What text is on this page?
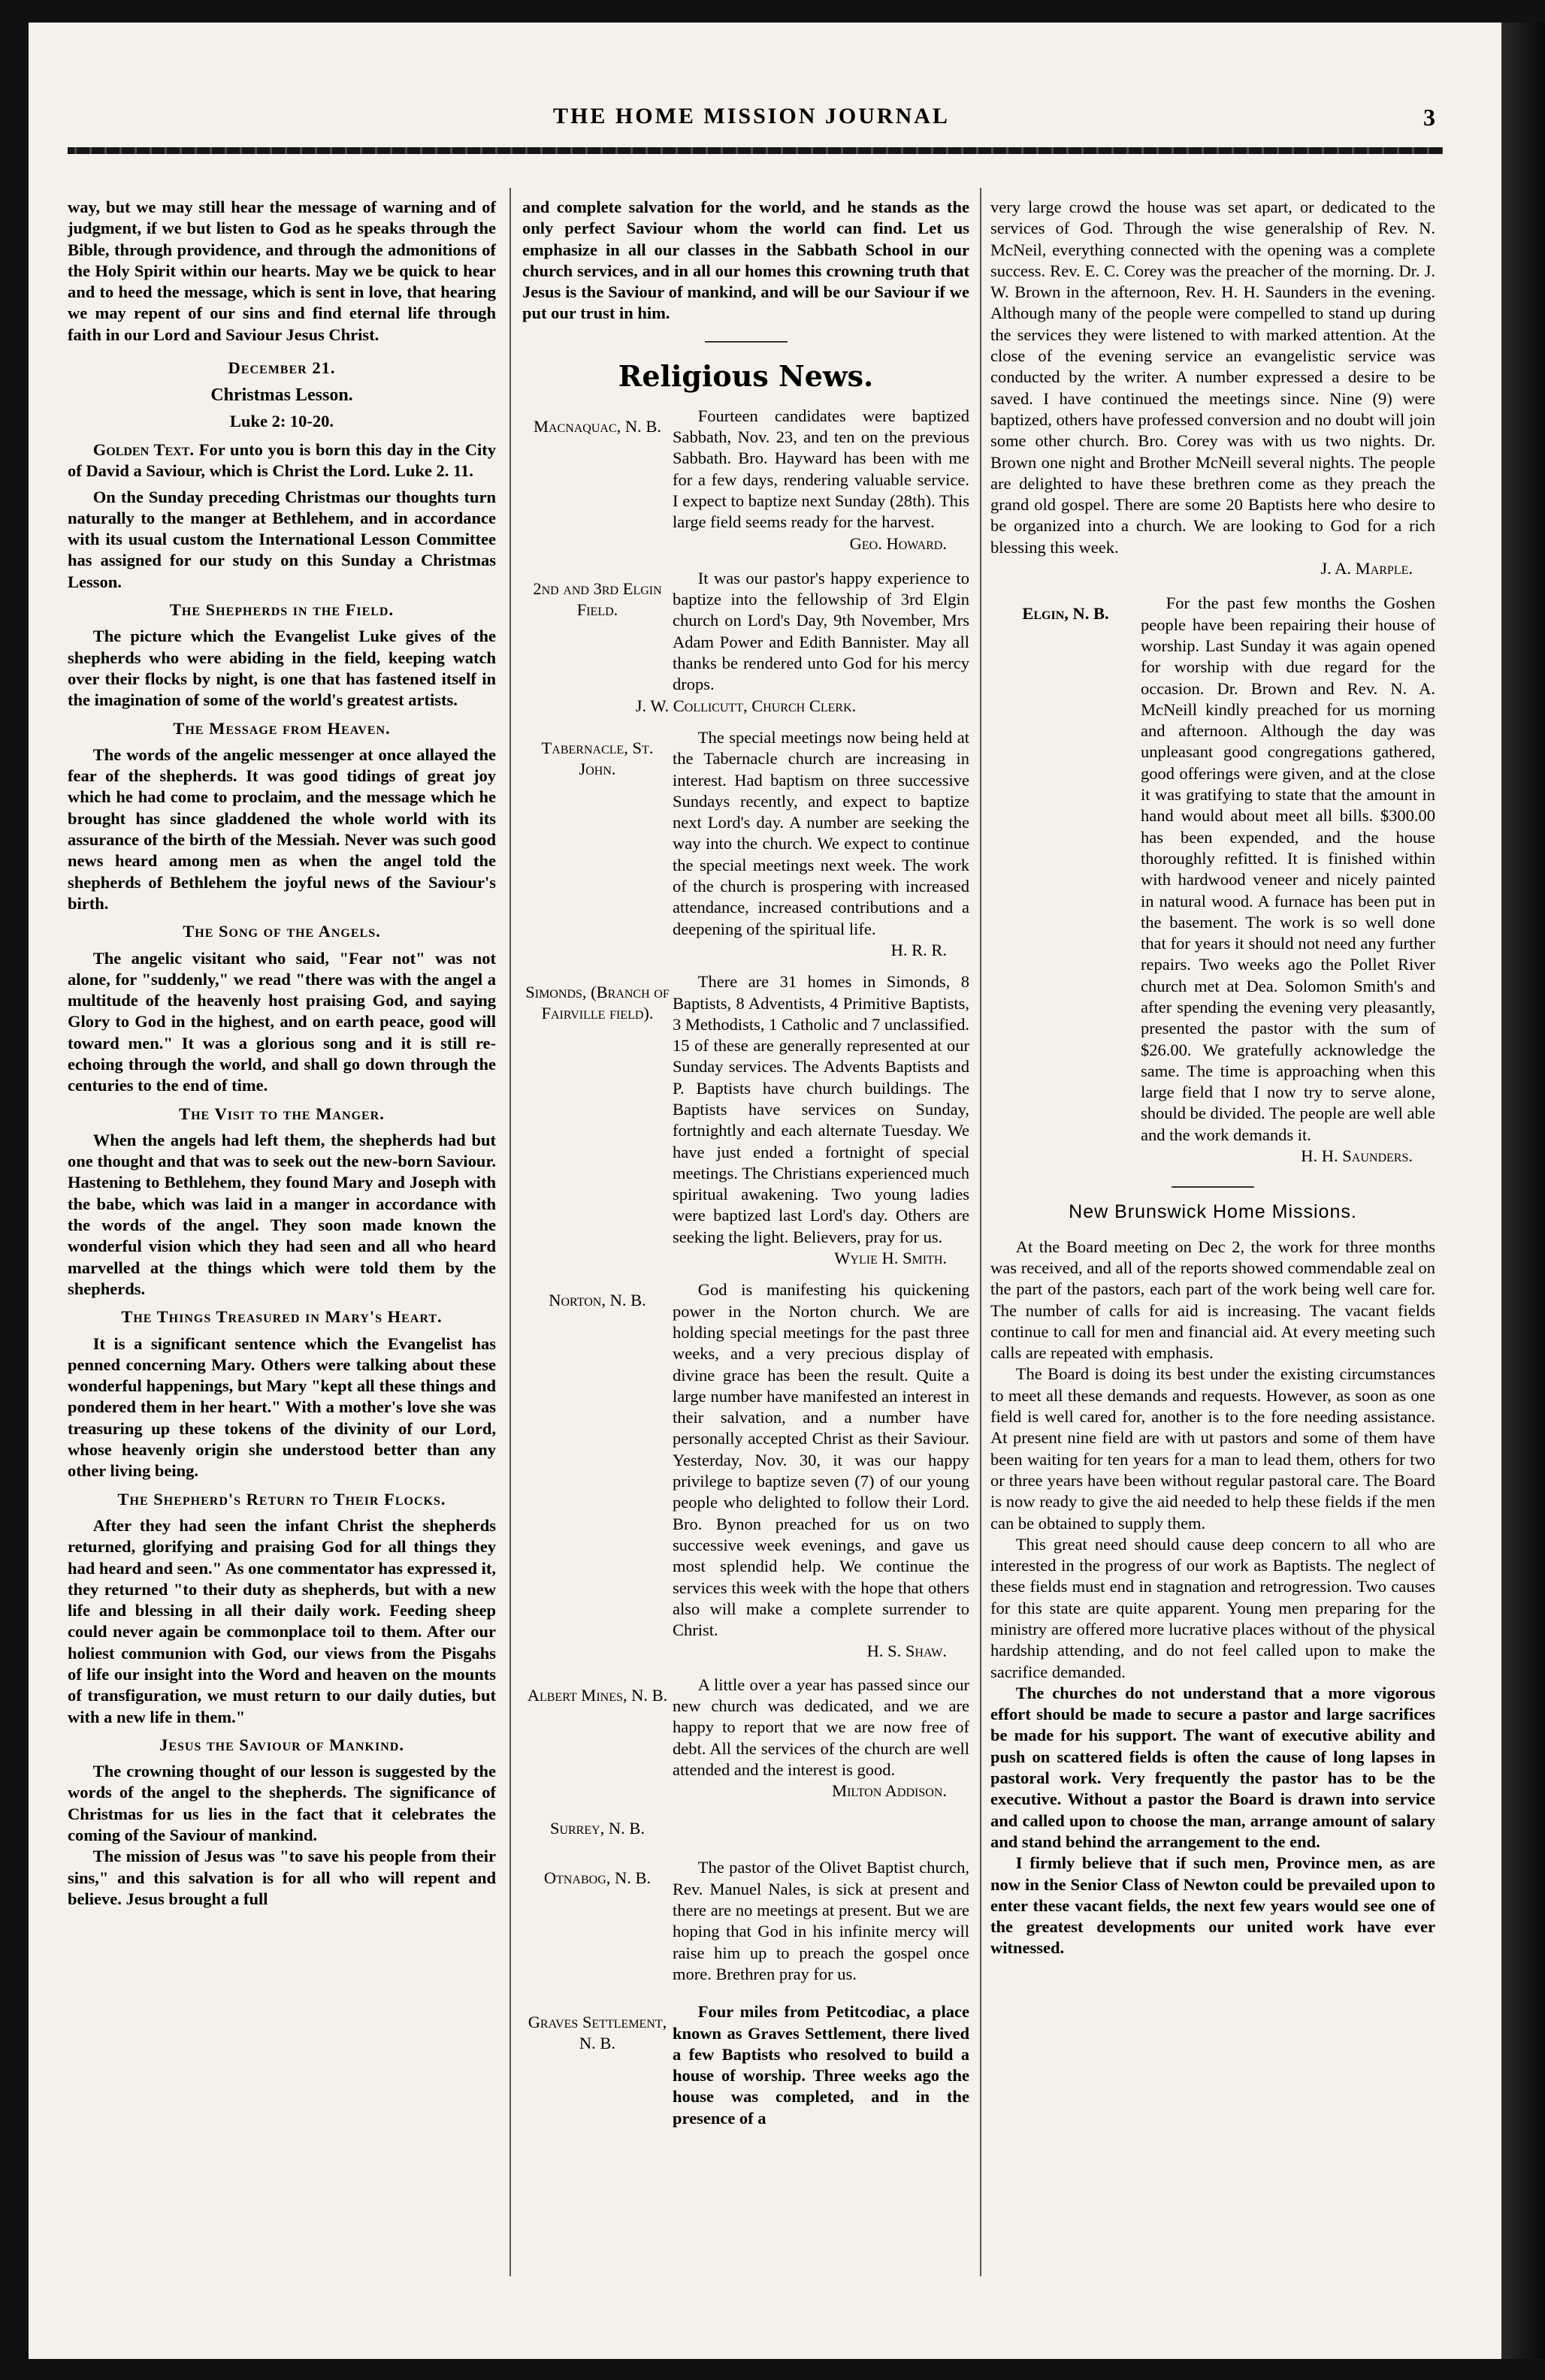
THE HOME MISSION JOURNAL	3

way, but we may still hear the message of warning and of judgment, if we but listen to God as he speaks through the Bible, through providence, and through the admonitions of the Holy Spirit within our hearts. May we be quick to hear and to heed the message, which is sent in love, that hearing we may repent of our sins and find eternal life through faith in our Lord and Saviour Jesus Christ.

December 21.
Christmas Lesson.
Luke 2: 10-20.

Golden Text. For unto you is born this day in the City of David a Saviour, which is Christ the Lord. Luke 2. 11.

On the Sunday preceding Christmas our thoughts turn naturally to the manger at Bethlehem, and in accordance with its usual custom the International Lesson Committee has assigned for our study on this Sunday a Christmas Lesson.

The Shepherds in the Field.

The picture which the Evangelist Luke gives of the shepherds who were abiding in the field, keeping watch over their flocks by night, is one that has fastened itself in the imagination of some of the world's greatest artists.

The Message from Heaven.

The words of the angelic messenger at once allayed the fear of the shepherds. It was good tidings of great joy which he had come to proclaim, and the message which he brought has since gladdened the whole world with its assurance of the birth of the Messiah. Never was such good news heard among men as when the angel told the shepherds of Bethlehem the joyful news of the Saviour's birth.

The Song of the Angels.

The angelic visitant who said, "Fear not" was not alone, for "suddenly," we read "there was with the angel a multitude of the heavenly host praising God, and saying Glory to God in the highest, and on earth peace, good will toward men." It was a glorious song and it is still re-echoing through the world, and shall go down through the centuries to the end of time.

The Visit to the Manger.

When the angels had left them, the shepherds had but one thought and that was to seek out the new-born Saviour. Hastening to Bethlehem, they found Mary and Joseph with the babe, which was laid in a manger in accordance with the words of the angel. They soon made known the wonderful vision which they had seen and all who heard marvelled at the things which were told them by the shepherds.

The Things Treasured in Mary's Heart.

It is a significant sentence which the Evangelist has penned concerning Mary. Others were talking about these wonderful happenings, but Mary "kept all these things and pondered them in her heart." With a mother's love she was treasuring up these tokens of the divinity of our Lord, whose heavenly origin she understood better than any other living being.

The Shepherd's Return to Their Flocks.

After they had seen the infant Christ the shepherds returned, glorifying and praising God for all things they had heard and seen." As one commentator has expressed it, they returned "to their duty as shepherds, but with a new life and blessing in all their daily work. Feeding sheep could never again be commonplace toil to them. After our holiest communion with God, our views from the Pisgahs of life our insight into the Word and heaven on the mounts of transfiguration, we must return to our daily duties, but with a new life in them."

Jesus the Saviour of Mankind.

The crowning thought of our lesson is suggested by the words of the angel to the shepherds. The significance of Christmas for us lies in the fact that it celebrates the coming of the Saviour of mankind.

The mission of Jesus was "to save his people from their sins," and this salvation is for all who will repent and believe. Jesus brought a full

and complete salvation for the world, and he stands as the only perfect Saviour whom the world can find. Let us emphasize in all our classes in the Sabbath School in our church services, and in all our homes this crowning truth that Jesus is the Saviour of mankind, and will be our Saviour if we put our trust in him.

Religious News.
Macnaquac, N. B.
Fourteen candidates were baptized Sabbath, Nov. 23, and ten on the previous Sabbath. Bro. Hayward has been with me for a few days, rendering valuable service. I expect to baptize next Sunday (28th). This large field seems ready for the harvest.
Geo. Howard.
2nd and 3rd Elgin Field.
It was our pastor's happy experience to baptize into the fellowship of 3rd Elgin church on Lord's Day, 9th November, Mrs Adam Power and Edith Bannister. May all thanks be rendered unto God for his mercy drops.
J. W. Collicutt, Church Clerk.
Tabernacle, St. John.
The special meetings now being held at the Tabernacle church are increasing in interest. Had baptism on three successive Sundays recently, and expect to baptize next Lord's day. A number are seeking the way into the church. We expect to continue the special meetings next week. The work of the church is prospering with increased attendance, increased contributions and a deepening of the spiritual life.
H. R. R.
Simonds, (Branch of Fairville field).
There are 31 homes in Simonds, 8 Baptists, 8 Adventists, 4 Primitive Baptists, 3 Methodists, 1 Catholic and 7 unclassified. 15 of these are generally represented at our Sunday services. The Advents Baptists and P. Baptists have church buildings. The Baptists have services on Sunday, fortnightly and each alternate Tuesday. We have just ended a fortnight of special meetings. The Christians experienced much spiritual awakening. Two young ladies were baptized last Lord's day. Others are seeking the light. Believers, pray for us.
Wylie H. Smith.
Norton, N. B.
God is manifesting his quickening power in the Norton church. We are holding special meetings for the past three weeks, and a very precious display of divine grace has been the result. Quite a large number have manifested an interest in their salvation, and a number have personally accepted Christ as their Saviour. Yesterday, Nov. 30, it was our happy privilege to baptize seven (7) of our young people who delighted to follow their Lord. Bro. Bynon preached for us on two successive week evenings, and gave us most splendid help. We continue the services this week with the hope that others also will make a complete surrender to Christ.
H. S. Shaw.
Albert Mines, N. B.
A little over a year has passed since our new church was dedicated, and we are happy to report that we are now free of debt. All the services of the church are well attended and the interest is good.
Milton Addison.
Surrey, N. B.
Otnabog, N. B.
The pastor of the Olivet Baptist church, Rev. Manuel Nales, is sick at present and there are no meetings at present. But we are hoping that God in his infinite mercy will raise him up to preach the gospel once more. Brethren pray for us.
Graves Settlement, N. B.
Four miles from Petitcodiac, a place known as Graves Settlement, there lived a few Baptists who resolved to build a house of worship. Three weeks ago the house was completed, and in the presence of a

very large crowd the house was set apart, or dedicated to the services of God. Through the wise generalship of Rev. N. McNeil, everything connected with the opening was a complete success. Rev. E. C. Corey was the preacher of the morning. Dr. J. W. Brown in the afternoon, Rev. H. H. Saunders in the evening. Although many of the people were compelled to stand up during the services they were listened to with marked attention. At the close of the evening service an evangelistic service was conducted by the writer. A number expressed a desire to be saved. I have continued the meetings since. Nine (9) were baptized, others have professed conversion and no doubt will join some other church. Bro. Corey was with us two nights. Dr. Brown one night and Brother McNeill several nights. The people are delighted to have these brethren come as they preach the grand old gospel. There are some 20 Baptists here who desire to be organized into a church. We are looking to God for a rich blessing this week.

J. A. Marple.
Elgin, N. B.
For the past few months the Goshen people have been repairing their house of worship. Last Sunday it was again opened for worship with due regard for the occasion. Dr. Brown and Rev. N. A. McNeill kindly preached for us morning and afternoon. Although the day was unpleasant good congregations gathered, good offerings were given, and at the close it was gratifying to state that the amount in hand would about meet all bills. $300.00 has been expended, and the house thoroughly refitted. It is finished within with hardwood veneer and nicely painted in natural wood. A furnace has been put in the basement. The work is so well done that for years it should not need any further repairs. Two weeks ago the Pollet River church met at Dea. Solomon Smith's and after spending the evening very pleasantly, presented the pastor with the sum of $26.00. We gratefully acknowledge the same. The time is approaching when this large field that I now try to serve alone, should be divided. The people are well able and the work demands it.
H. H. Saunders.
New Brunswick Home Missions.

At the Board meeting on Dec 2, the work for three months was received, and all of the reports showed commendable zeal on the part of the pastors, each part of the work being well care for. The number of calls for aid is increasing. The vacant fields continue to call for men and financial aid. At every meeting such calls are repeated with emphasis.

The Board is doing its best under the existing circumstances to meet all these demands and requests. However, as soon as one field is well cared for, another is to the fore needing assistance. At present nine field are with ut pastors and some of them have been waiting for ten years for a man to lead them, others for two or three years have been without regular pastoral care. The Board is now ready to give the aid needed to help these fields if the men can be obtained to supply them.

This great need should cause deep concern to all who are interested in the progress of our work as Baptists. The neglect of these fields must end in stagnation and retrogression. Two causes for this state are quite apparent. Young men preparing for the ministry are offered more lucrative places without of the physical hardship attending, and do not feel called upon to make the sacrifice demanded.

The churches do not understand that a more vigorous effort should be made to secure a pastor and large sacrifices be made for his support. The want of executive ability and push on scattered fields is often the cause of long lapses in pastoral work. Very frequently the pastor has to be the executive. Without a pastor the Board is drawn into service and called upon to choose the man, arrange amount of salary and stand behind the arrangement to the end.

I firmly believe that if such men, Province men, as are now in the Senior Class of Newton could be prevailed upon to enter these vacant fields, the next few years would see one of the greatest developments our united work have ever witnessed.
